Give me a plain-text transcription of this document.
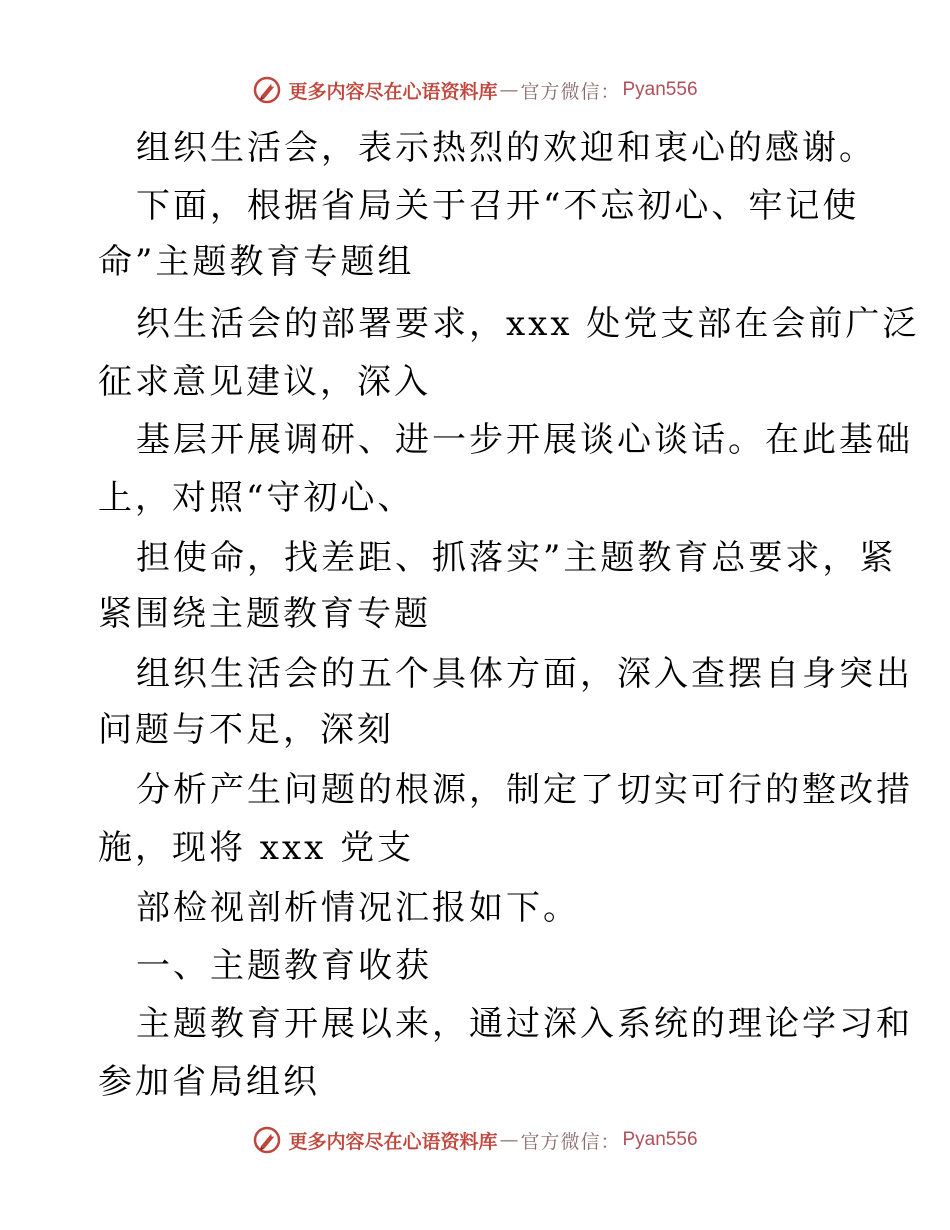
更多内容尽在心语资料库 — 官方微信： Pyan556
组织生活会，表示热烈的欢迎和衷心的感谢。
下面，根据省局关于召开“不忘初心、牢记使
命”主题教育专题组
织生活会的部署要求，xxx 处党支部在会前广泛
征求意见建议，深入
基层开展调研、进一步开展谈心谈话。在此基础
上，对照“守初心、
担使命，找差距、抓落实”主题教育总要求，紧
紧围绕主题教育专题
组织生活会的五个具体方面，深入查摆自身突出
问题与不足，深刻
分析产生问题的根源，制定了切实可行的整改措
施，现将 xxx 党支
部检视剖析情况汇报如下。
一、主题教育收获
主题教育开展以来，通过深入系统的理论学习和
参加省局组织
更多内容尽在心语资料库 — 官方微信： Pyan556
